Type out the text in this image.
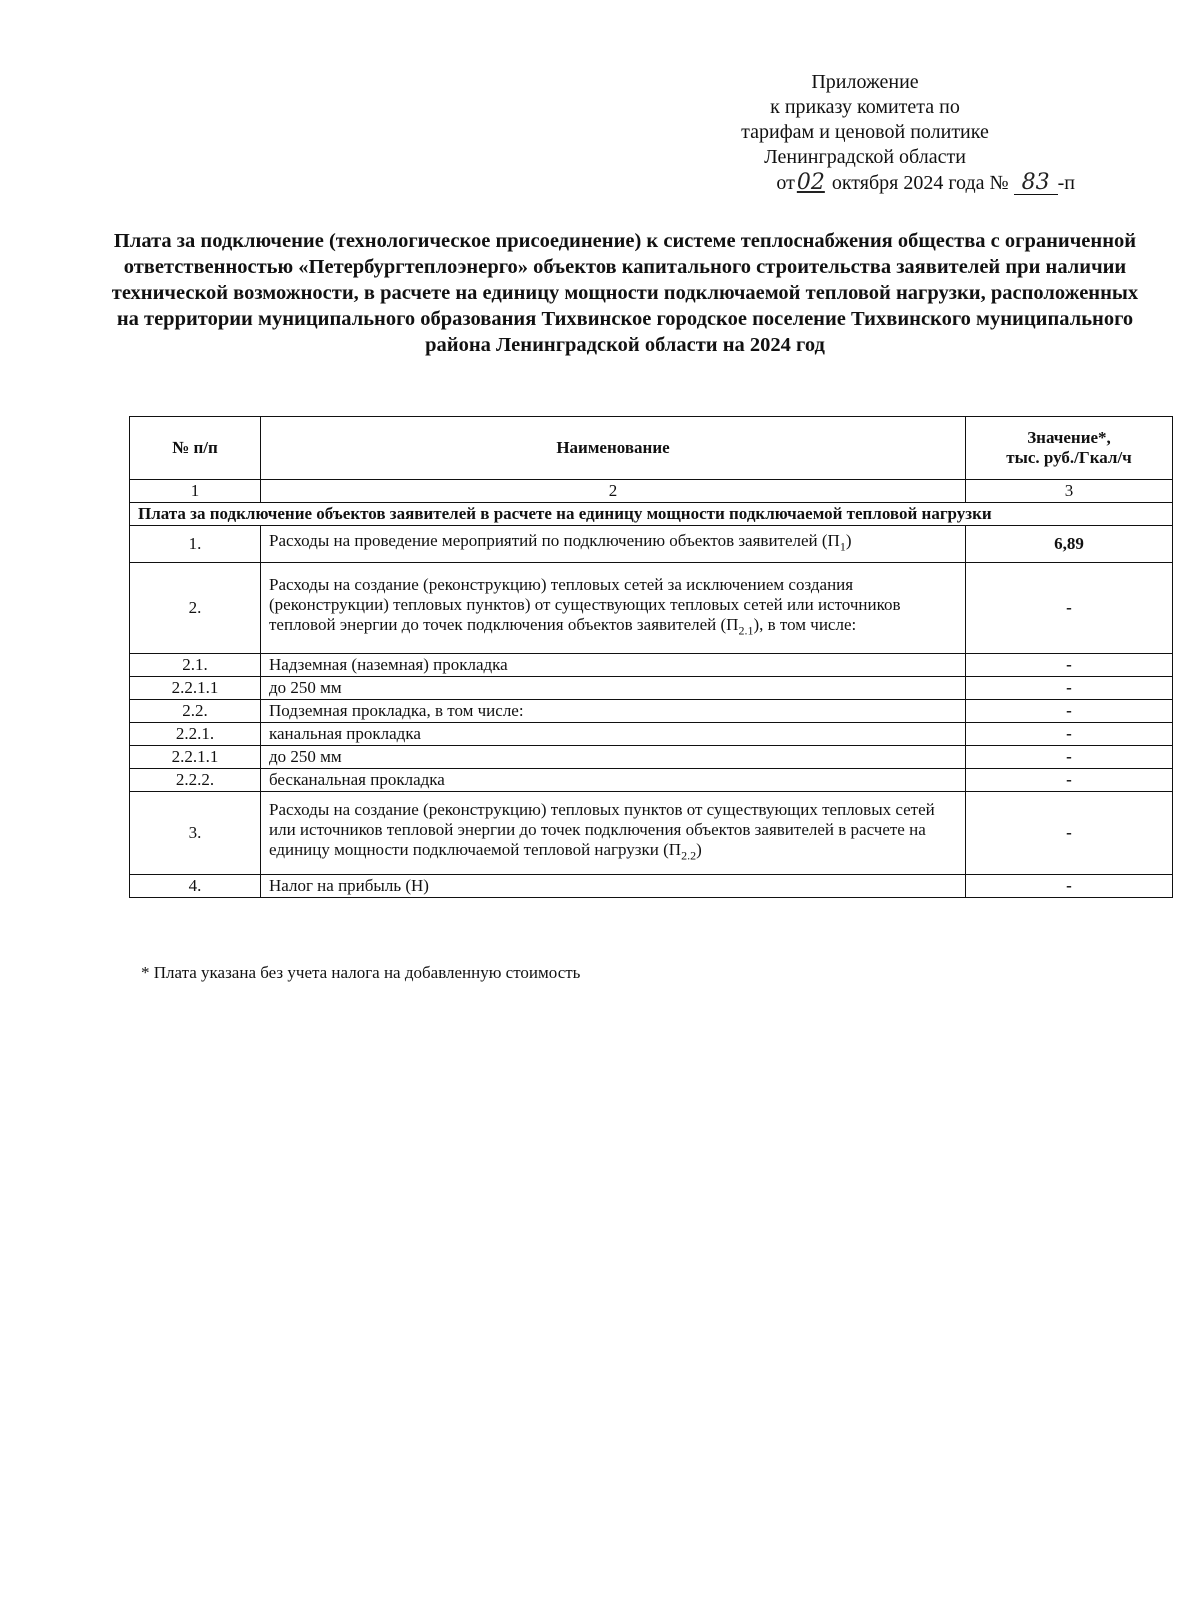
Приложение
к приказу комитета по
тарифам и ценовой политике
Ленинградской области
от02 октября 2024 года № 83 -п
Плата за подключение (технологическое присоединение) к системе теплоснабжения общества с ограниченной ответственностью «Петербургтеплоэнерго» объектов капитального строительства заявителей при наличии технической возможности, в расчете на единицу мощности подключаемой тепловой нагрузки, расположенных на территории муниципального образования Тихвинское городское поселение Тихвинского муниципального района Ленинградской области на 2024 год
№ п/п	Наименование	Значение*,
тыс. руб./Гкал/ч

1	2	3
Плата за подключение объектов заявителей в расчете на единицу мощности подключаемой тепловой нагрузки		
1.	Расходы на проведение мероприятий по подключению объектов заявителей $(П_1)$	6,89
2.	Расходы на создание (реконструкцию) тепловых сетей за исключением создания (реконструкции) тепловых пунктов) от существующих тепловых сетей или источников тепловой энергии до точек подключения объектов заявителей $(П_{2.1})$, в том числе:	-
2.1.	Надземная (наземная) прокладка	-
2.2.1.1	до 250 мм	-
2.2.	Подземная прокладка, в том числе:	-
2.2.1.	канальная прокладка	-
2.2.1.1	до 250 мм	-
2.2.2.	бесканальная прокладка	-
3.	Расходы на создание (реконструкцию) тепловых пунктов от существующих тепловых сетей или источников тепловой энергии до точек подключения объектов заявителей в расчете на единицу мощности подключаемой тепловой нагрузки $(П_{2.2})$	-
4.	Налог на прибыль (Н)	-
* Плата указана без учета налога на добавленную стоимость
